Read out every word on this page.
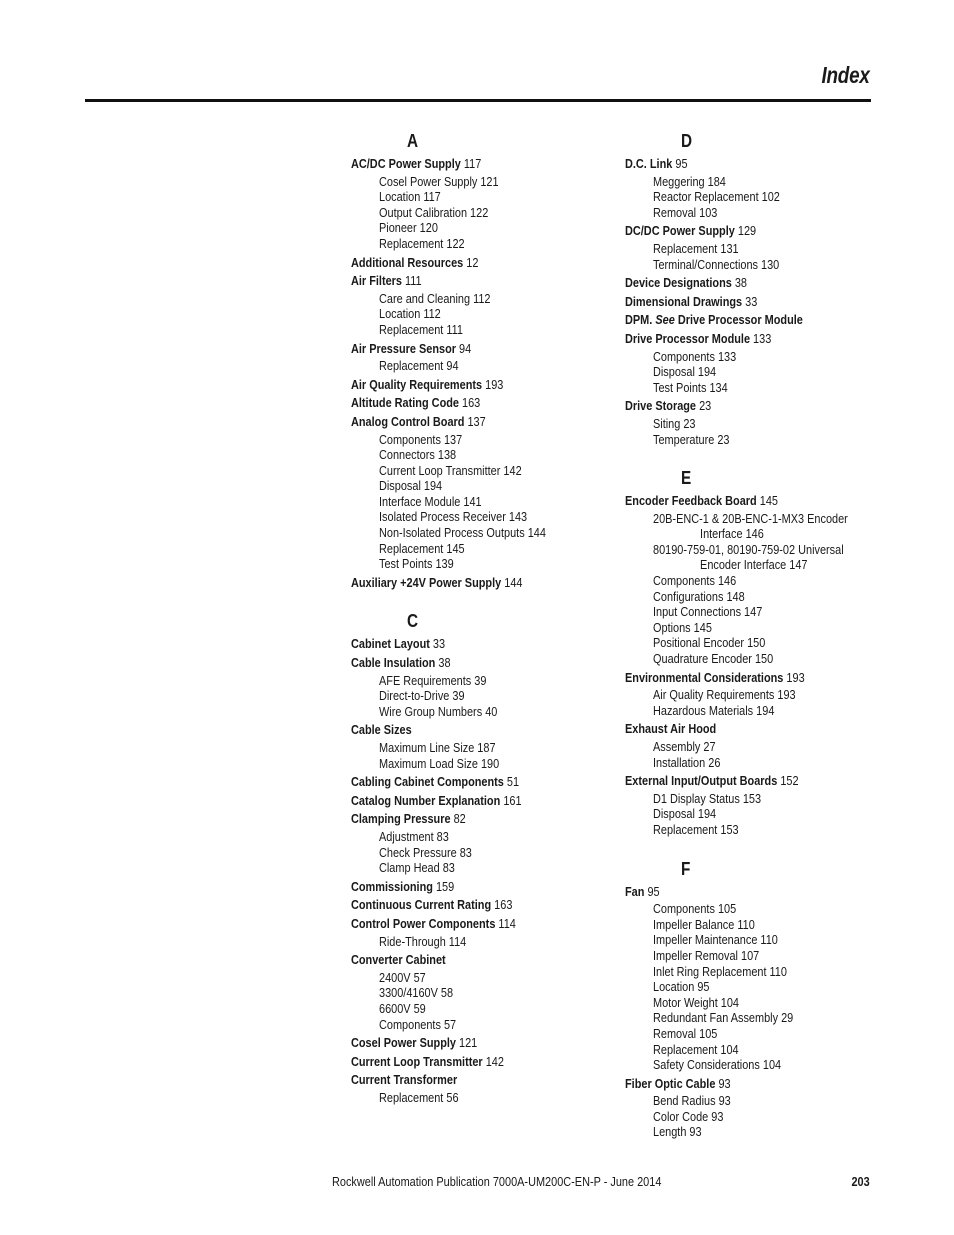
Index
A
AC/DC Power Supply 117
Cosel Power Supply 121
Location 117
Output Calibration 122
Pioneer 120
Replacement 122
Additional Resources 12
Air Filters 111
Care and Cleaning 112
Location 112
Replacement 111
Air Pressure Sensor 94
Replacement 94
Air Quality Requirements 193
Altitude Rating Code 163
Analog Control Board 137
Components 137
Connectors 138
Current Loop Transmitter 142
Disposal 194
Interface Module 141
Isolated Process Receiver 143
Non-Isolated Process Outputs 144
Replacement 145
Test Points 139
Auxiliary +24V Power Supply 144
C
Cabinet Layout 33
Cable Insulation 38
AFE Requirements 39
Direct-to-Drive 39
Wire Group Numbers 40
Cable Sizes
Maximum Line Size 187
Maximum Load Size 190
Cabling Cabinet Components 51
Catalog Number Explanation 161
Clamping Pressure 82
Adjustment 83
Check Pressure 83
Clamp Head 83
Commissioning 159
Continuous Current Rating 163
Control Power Components 114
Ride-Through 114
Converter Cabinet
2400V 57
3300/4160V 58
6600V 59
Components 57
Cosel Power Supply 121
Current Loop Transmitter 142
Current Transformer
Replacement 56
D
D.C. Link 95
Meggering 184
Reactor Replacement 102
Removal 103
DC/DC Power Supply 129
Replacement 131
Terminal/Connections 130
Device Designations 38
Dimensional Drawings 33
DPM. See Drive Processor Module
Drive Processor Module 133
Components 133
Disposal 194
Test Points 134
Drive Storage 23
Siting 23
Temperature 23
E
Encoder Feedback Board 145
20B-ENC-1 & 20B-ENC-1-MX3 Encoder
Interface 146
80190-759-01, 80190-759-02 Universal
Encoder Interface 147
Components 146
Configurations 148
Input Connections 147
Options 145
Positional Encoder 150
Quadrature Encoder 150
Environmental Considerations 193
Air Quality Requirements 193
Hazardous Materials 194
Exhaust Air Hood
Assembly 27
Installation 26
External Input/Output Boards 152
D1 Display Status 153
Disposal 194
Replacement 153
F
Fan 95
Components 105
Impeller Balance 110
Impeller Maintenance 110
Impeller Removal 107
Inlet Ring Replacement 110
Location 95
Motor Weight 104
Redundant Fan Assembly 29
Removal 105
Replacement 104
Safety Considerations 104
Fiber Optic Cable 93
Bend Radius 93
Color Code 93
Length 93
Rockwell Automation Publication 7000A-UM200C-EN-P - June 2014	203
